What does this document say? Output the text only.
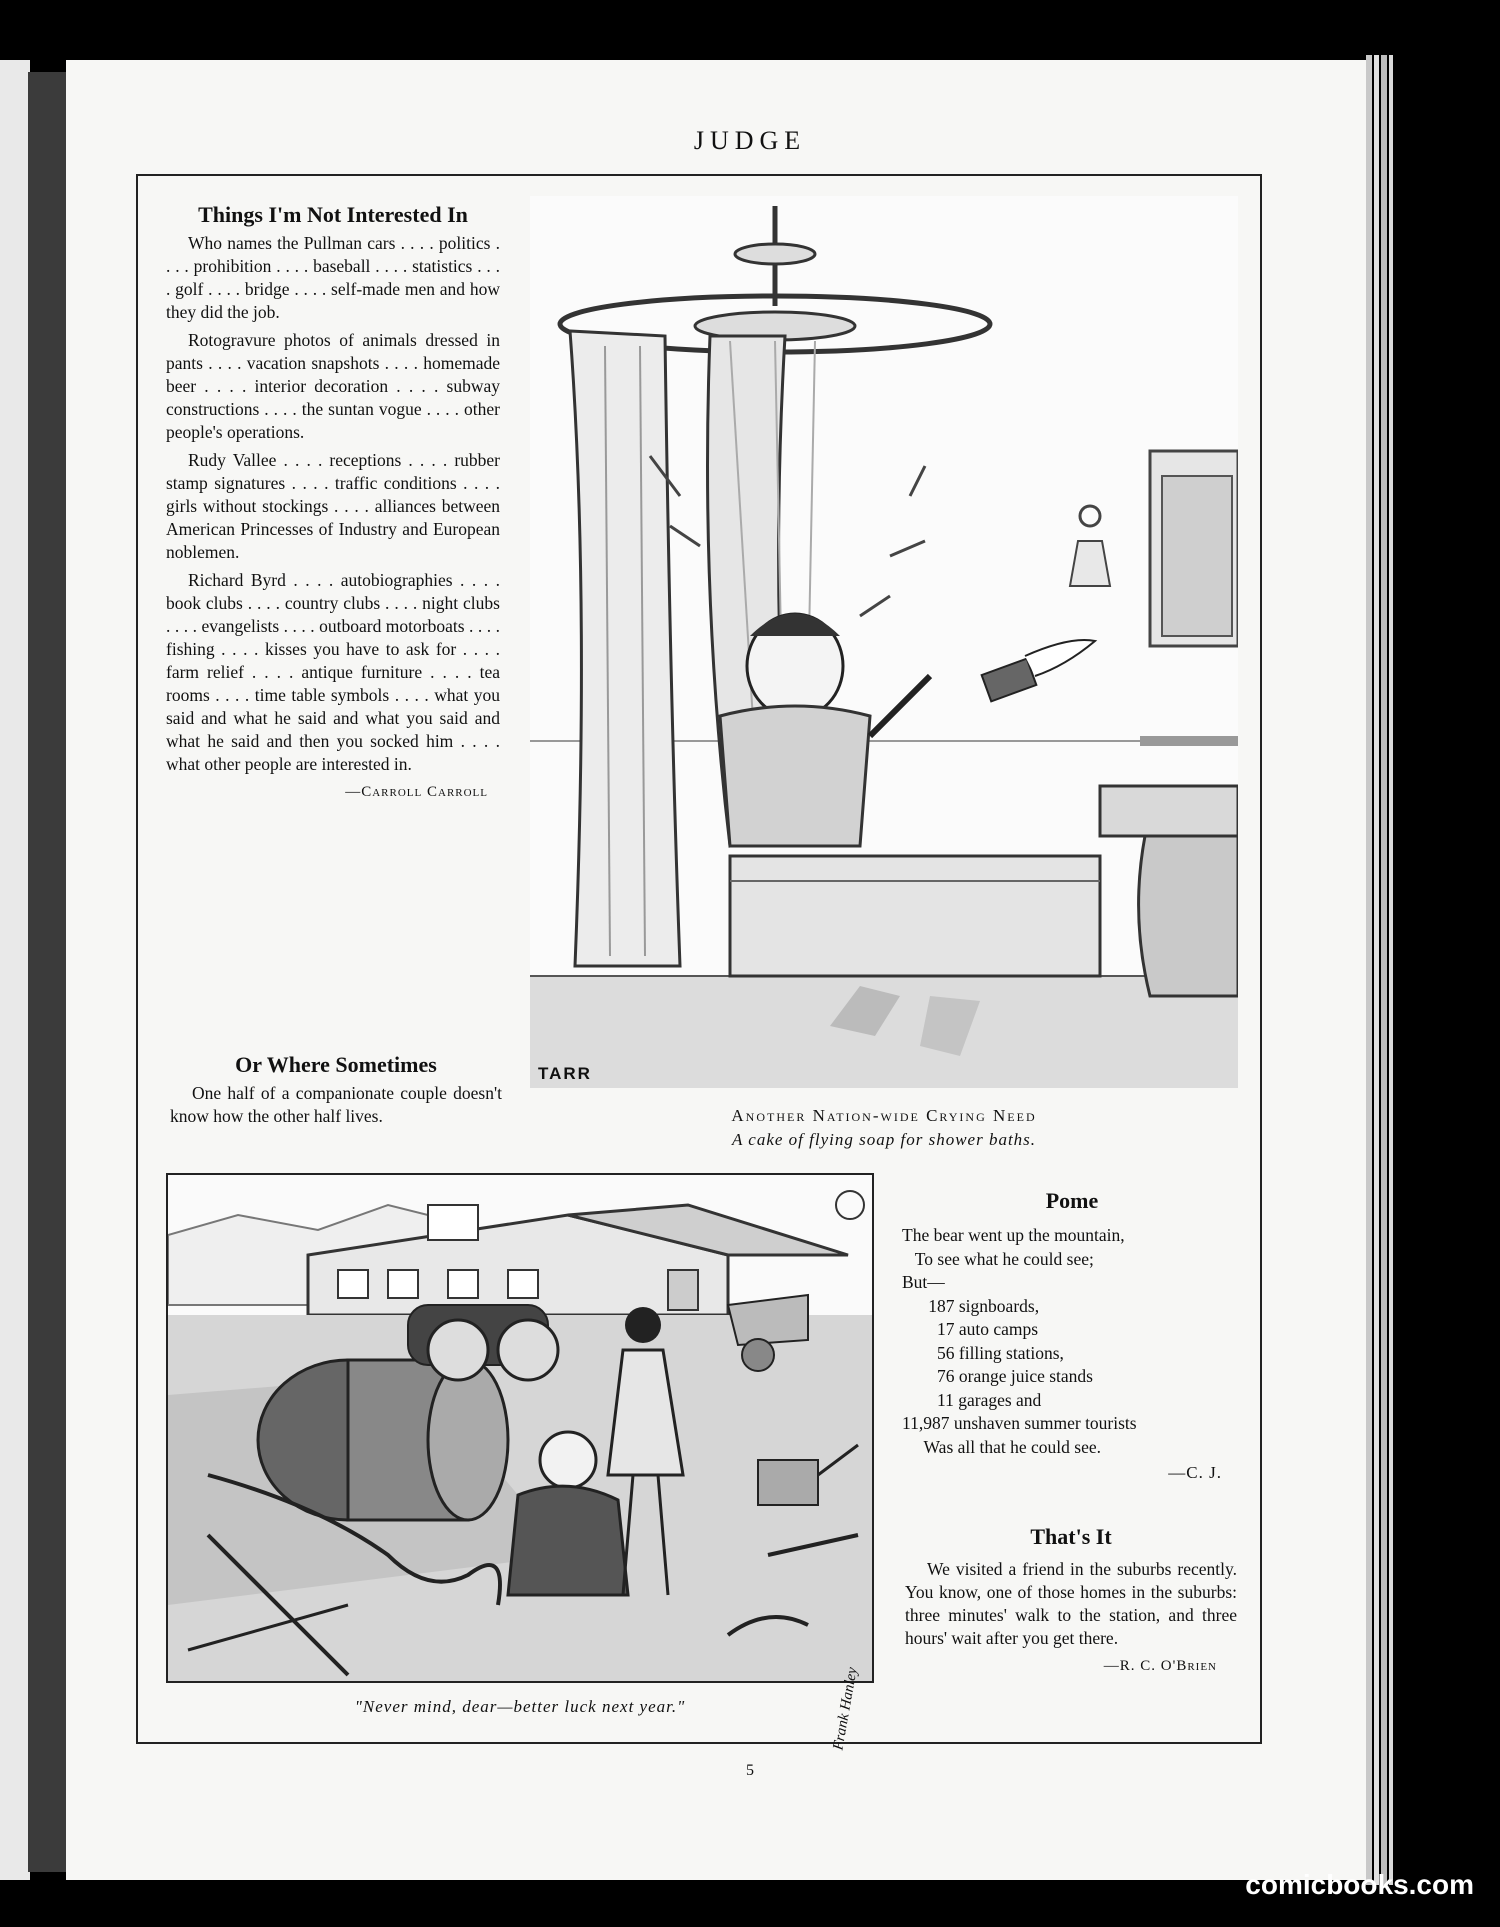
JUDGE
Things I'm Not Interested In

Who names the Pullman cars . . . . politics . . . . prohibition . . . . baseball . . . . statistics . . . . golf . . . . bridge . . . . self-made men and how they did the job.

Rotogravure photos of animals dressed in pants . . . . vacation snapshots . . . . homemade beer . . . . interior decoration . . . . subway constructions . . . . the suntan vogue . . . . other people's operations.

Rudy Vallee . . . . receptions . . . . rubber stamp signatures . . . . traffic conditions . . . . girls without stockings . . . . alliances between American Princesses of Industry and European noblemen.

Richard Byrd . . . . autobiographies . . . . book clubs . . . . country clubs . . . . night clubs . . . . evangelists . . . . outboard motorboats . . . . fishing . . . . kisses you have to ask for . . . . farm relief . . . . antique furniture . . . . tea rooms . . . . time table symbols . . . . what you said and what he said and what you said and what he said and then you socked him . . . . what other people are interested in.

—Carroll Carroll
Or Where Sometimes

One half of a companionate couple doesn't know how the other half lives.

TARR
Another Nation-wide Crying Need
A cake of flying soap for shower baths.
Frank Hanley
"Never mind, dear—better luck next year."
Pome
The bear went up the mountain,
To see what he could see;
But—
187 signboards,
17 auto camps
56 filling stations,
76 orange juice stands
11 garages and
11,987 unshaven summer tourists
Was all that he could see.
—C. J.
That's It

We visited a friend in the suburbs recently. You know, one of those homes in the suburbs: three minutes' walk to the station, and three hours' wait after you get there.

—R. C. O'Brien
5
comicbooks.com
